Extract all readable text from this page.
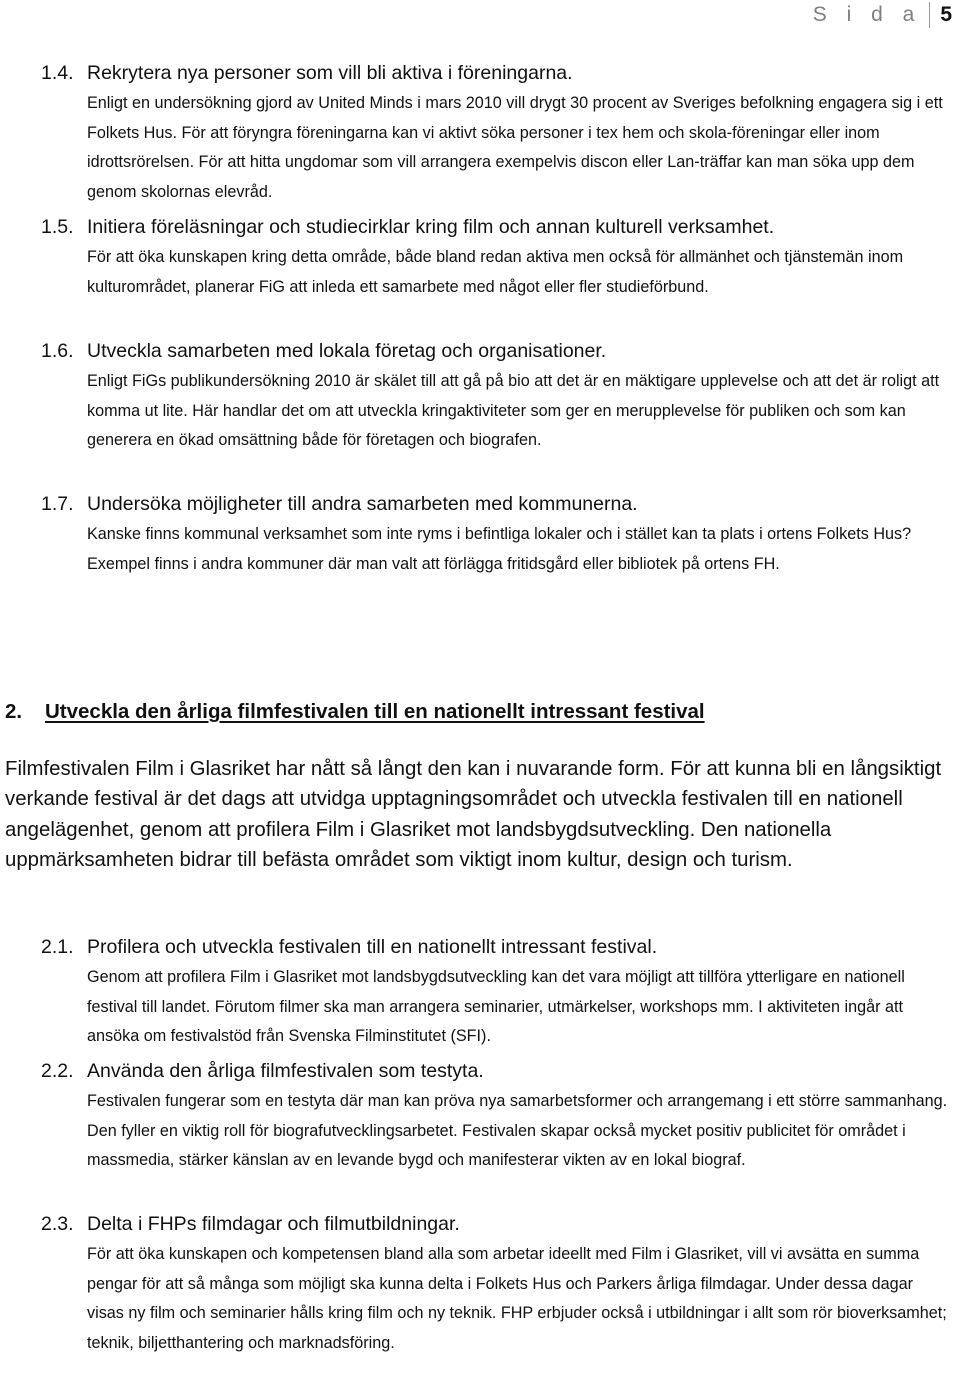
S i d a 5
1.4. Rekrytera nya personer som vill bli aktiva i föreningarna.
Enligt en undersökning gjord av United Minds i mars 2010 vill drygt 30 procent av Sveriges befolkning engagera sig i ett Folkets Hus. För att föryngra föreningarna kan vi aktivt söka personer i tex hem och skola-föreningar eller inom idrottsrörelsen. För att hitta ungdomar som vill arrangera exempelvis discon eller Lan-träffar kan man söka upp dem genom skolornas elevråd.
1.5. Initiera föreläsningar och studiecirklar kring film och annan kulturell verksamhet.
För att öka kunskapen kring detta område, både bland redan aktiva men också för allmänhet och tjänstemän inom kulturområdet, planerar FiG att inleda ett samarbete med något eller fler studieförbund.
1.6. Utveckla samarbeten med lokala företag och organisationer.
Enligt FiGs publikundersökning 2010 är skälet till att gå på bio att det är en mäktigare upplevelse och att det är roligt att komma ut lite. Här handlar det om att utveckla kringaktiviteter som ger en merupplevelse för publiken och som kan generera en ökad omsättning både för företagen och biografen.
1.7. Undersöka möjligheter till andra samarbeten med kommunerna.
Kanske finns kommunal verksamhet som inte ryms i befintliga lokaler och i stället kan ta plats i ortens Folkets Hus? Exempel finns i andra kommuner där man valt att förlägga fritidsgård eller bibliotek på ortens FH.
2.	Utveckla den årliga filmfestivalen till en nationellt intressant festival
Filmfestivalen Film i Glasriket har nått så långt den kan i nuvarande form. För att kunna bli en långsiktigt verkande festival är det dags att utvidga upptagningsområdet och utveckla festivalen till en nationell angelägenhet, genom att profilera Film i Glasriket mot landsbygdsutveckling. Den nationella uppmärksamheten bidrar till befästa området som viktigt inom kultur, design och turism.
2.1. Profilera och utveckla festivalen till en nationellt intressant festival.
Genom att profilera Film i Glasriket mot landsbygdsutveckling kan det vara möjligt att tillföra ytterligare en nationell festival till landet. Förutom filmer ska man arrangera seminarier, utmärkelser, workshops mm. I aktiviteten ingår att ansöka om festivalstöd från Svenska Filminstitutet (SFI).
2.2. Använda den årliga filmfestivalen som testyta.
Festivalen fungerar som en testyta där man kan pröva nya samarbetsformer och arrangemang i ett större sammanhang. Den fyller en viktig roll för biografutvecklingsarbetet. Festivalen skapar också mycket positiv publicitet för området i massmedia, stärker känslan av en levande bygd och manifesterar vikten av en lokal biograf.
2.3. Delta i FHPs filmdagar och filmutbildningar.
För att öka kunskapen och kompetensen bland alla som arbetar ideellt med Film i Glasriket, vill vi avsätta en summa pengar för att så många som möjligt ska kunna delta i Folkets Hus och Parkers årliga filmdagar. Under dessa dagar visas ny film och seminarier hålls kring film och ny teknik. FHP erbjuder också i utbildningar i allt som rör bioverksamhet; teknik, biljetthantering och marknadsföring.
